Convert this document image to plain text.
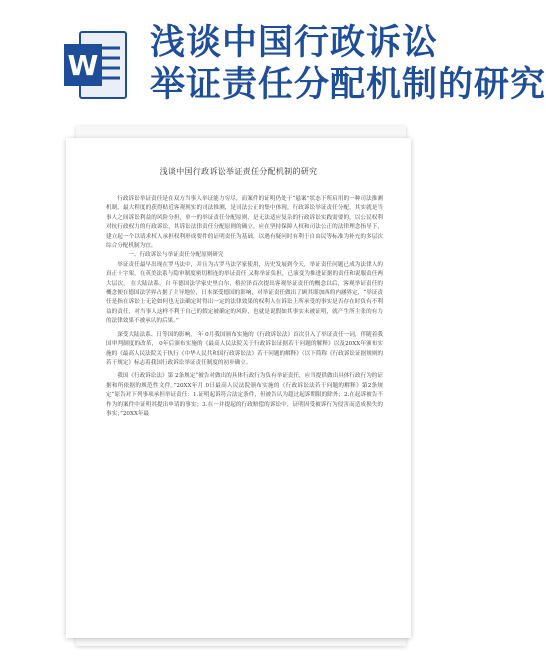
W
浅谈中国行政诉讼
举证责任分配机制的研究
浅谈中国行政诉讼举证责任分配机制的研究

行政诉讼举证责任是在双方当事人举证能力穷尽，而案件的证明仍处于“悬案”状态下所启用的一种司法推测机制，最大程度的获得贴近客观现实的司法推测，是司法公正的集中体现。行政诉讼举证责任分配，其实就是当事人之间诉讼利益的风险分担，单一的举证责任分配原则，是无法适应复杂的行政诉讼实践需要的，以公民权利对抗行政权力的行政诉讼，其诉讼法律责任分配原则的确立，应在坚持保障人权和司法公正的法律理念指导下，建立起一个以请求权人承担权利形成要件的证明责任为基础，以遇有疑问时有利于自由民等标准为补充的多层次综合分配机制为宜。

一、行政诉讼与举证责任分配原则研究

举证责任最早出现在罗马法中，并且为古罗马法学家使用，历史发展到今天，举证责任问题已成为法律人的真正十字架。在英美法系与隐审制度密切相连的举证责任 又称举证负担，已演变为推进证据的责任和说服责任两大层次， 在大陆法系，自 年德国法学家史里白尔，格拉泽首次提出客观举证责任的概念以后，客观举证责任的概念便在德国法学界占据了主导地位，日本深受德国的影响，对举证责任做出了顾其耶加西的内涵界定，“举证责任是指在诉讼上无论如何也无法确定时得出一定的法律效果的权利人在诉讼上所承受的事实是否存在时负有不利益的责任，对当事人这样不利于自己的假定被确定的风险，也就是说假如其事实未被证明，就产生所主张的有力的法律效果不被承认的后果。”

深受大陆法系、日等国的影响， 年 0月我国颁布实施的《行政诉讼法》首次引入了举证责任一词，伴随着我国审判制度的改革， 0年后颁布实施的《最高人民法院关于行政诉讼证据若干问题的解释》以及20XX年颁布实施的《最高人民法院关于执行《中华人民共和国行政诉讼法》若干问题的解释》（以下简称《行政诉讼证据规则的若干规定》标志着我国行政诉讼举证责任制度的初步确立。

我国《行政诉讼法》第 2条规定“被告对做出的具体行政行为负有举证责任，应当提供做出具体行政行为的证据和所依据的规范性文件。”20XX年月 0日最高人民法院颁布实施的《行政诉讼法若干问题的解释》第2条规定“原告对下列事项承担举证责任：1.证明起诉符合法定条件，但被告认为超过起诉期限的除外；2.在起诉被告不作为的案件中证明其提出申请的事实；3.在一并提起的行政赔偿的诉讼中，证明因受被诉行为侵害而造成损失的事实；”20XX年最
